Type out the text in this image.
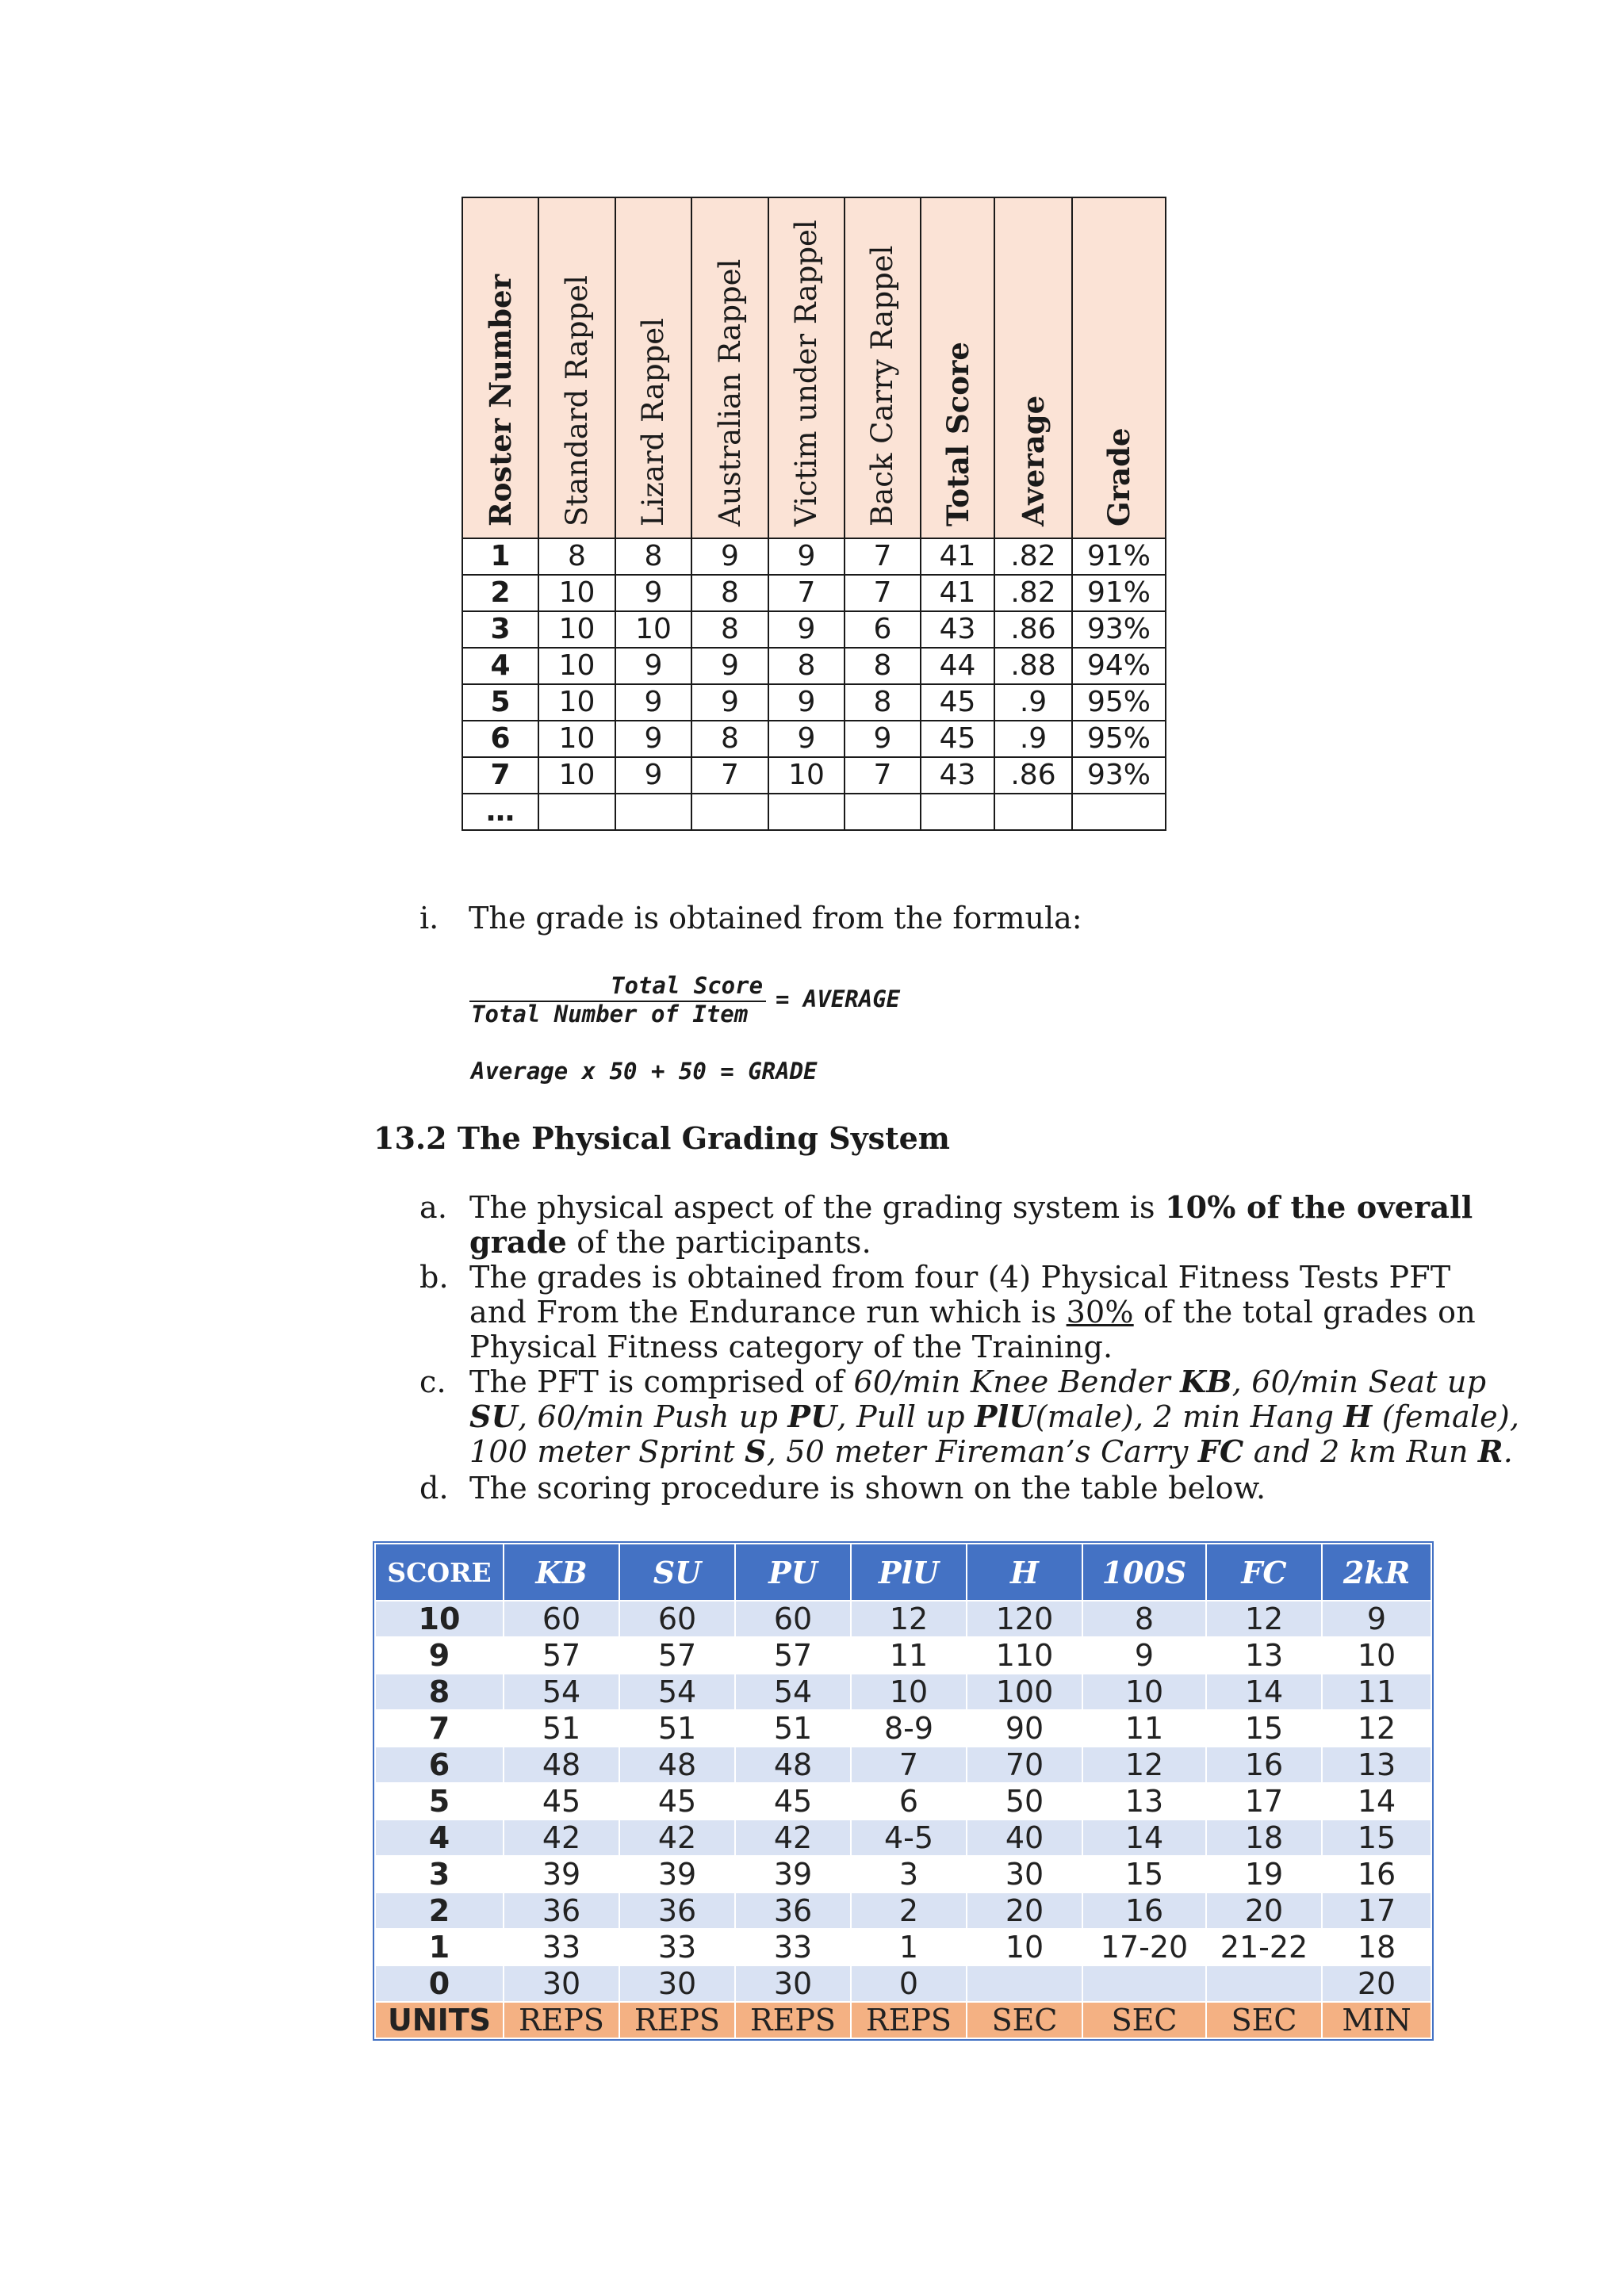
Roster Number	Standard Rappel	Lizard Rappel	Australian Rappel	Victim under Rappel	Back Carry Rappel	Total Score	Average	Grade

1	8	8	9	9	7	41	.82	91%
2	10	9	8	7	7	41	.82	91%
3	10	10	8	9	6	43	.86	93%
4	10	9	9	8	8	44	.88	94%
5	10	9	9	9	8	45	.9	95%
6	10	9	8	9	9	45	.9	95%
7	10	9	7	10	7	43	.86	93%
…								
i. The grade is obtained from the formula:
Total Score
Total Number of Item
= AVERAGE
Average x 50 + 50 = GRADE
13.2 The Physical Grading System
a. The physical aspect of the grading system is 10% of the overall
grade of the participants.
b. The grades is obtained from four (4) Physical Fitness Tests PFT
and From the Endurance run which is 30% of the total grades on
Physical Fitness category of the Training.
c. The PFT is comprised of 60/min Knee Bender KB, 60/min Seat up
SU, 60/min Push up PU, Pull up PlU(male), 2 min Hang H (female),
100 meter Sprint S, 50 meter Fireman’s Carry FC and 2 km Run R.
d. The scoring procedure is shown on the table below.
SCORE	KB	SU	PU	PlU	H	100S	FC	2kR
10	60	60	60	12	120	8	12	9
9	57	57	57	11	110	9	13	10
8	54	54	54	10	100	10	14	11
7	51	51	51	8-9	90	11	15	12
6	48	48	48	7	70	12	16	13
5	45	45	45	6	50	13	17	14
4	42	42	42	4-5	40	14	18	15
3	39	39	39	3	30	15	19	16
2	36	36	36	2	20	16	20	17
1	33	33	33	1	10	17-20	21-22	18
0	30	30	30	0				20
UNITS	REPS	REPS	REPS	REPS	SEC	SEC	SEC	MIN
